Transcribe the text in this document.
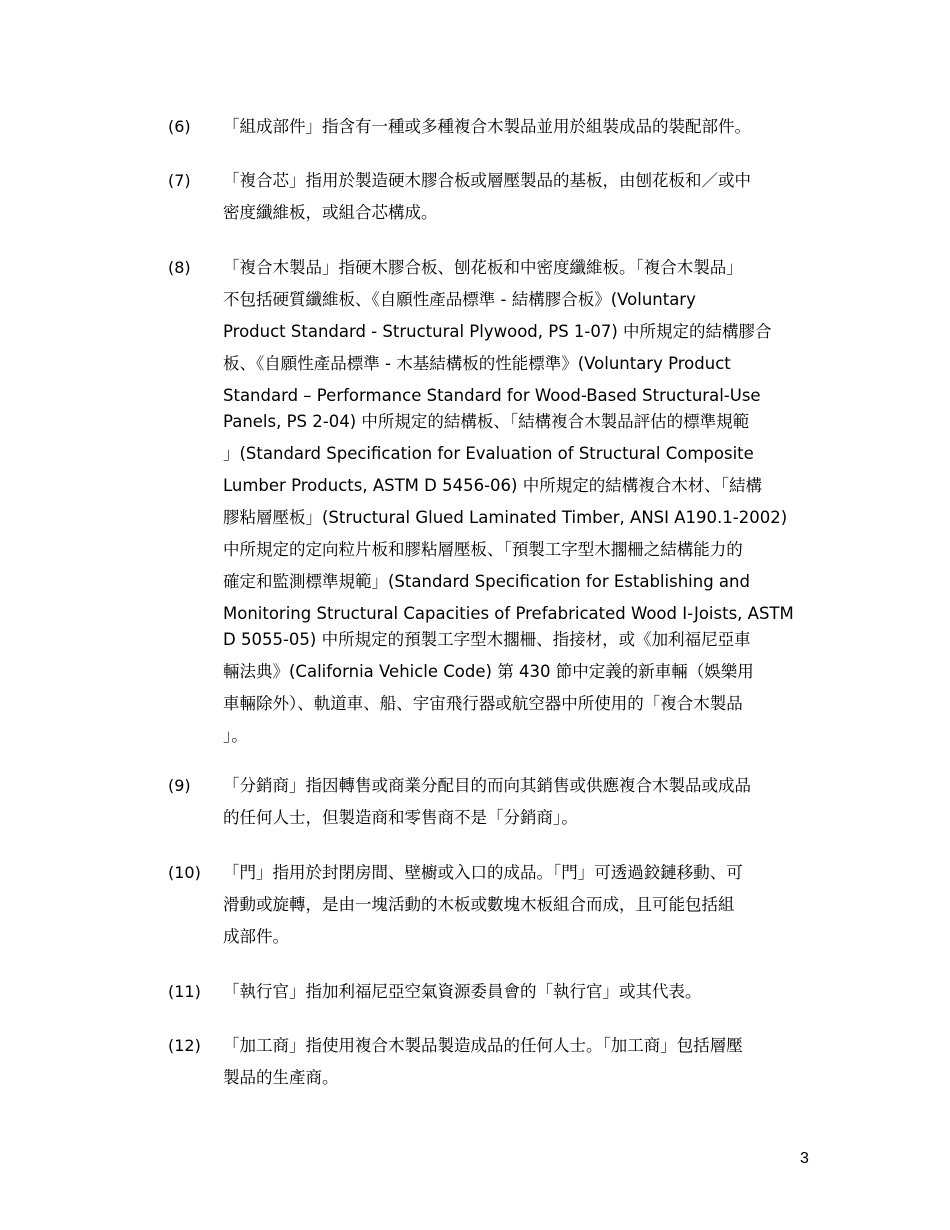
(6) 「組成部件」指含有一種或多種複合木製品並用於組裝成品的裝配部件。
(7) 「複合芯」指用於製造硬木膠合板或層壓製品的基板，由刨花板和／或中
密度纖維板，或組合芯構成。
(8) 「複合木製品」指硬木膠合板、刨花板和中密度纖維板。「複合木製品」
不包括硬質纖維板、《自願性產品標準 - 結構膠合板》(Voluntary
Product Standard - Structural Plywood, PS 1-07) 中所規定的結構膠合
板、《自願性產品標準 - 木基結構板的性能標準》(Voluntary Product
Standard – Performance Standard for Wood-Based Structural-Use
Panels, PS 2-04) 中所規定的結構板、「結構複合木製品評估的標準規範
」(Standard Specification for Evaluation of Structural Composite
Lumber Products, ASTM D 5456-06) 中所規定的結構複合木材、「結構
膠粘層壓板」(Structural Glued Laminated Timber, ANSI A190.1-2002)
中所規定的定向粒片板和膠粘層壓板、「預製工字型木擱柵之結構能力的
確定和監測標準規範」(Standard Specification for Establishing and
Monitoring Structural Capacities of Prefabricated Wood I-Joists, ASTM
D 5055-05) 中所規定的預製工字型木擱柵、指接材，或《加利福尼亞車
輛法典》(California Vehicle Code) 第 430 節中定義的新車輛（娛樂用
車輛除外）、軌道車、船、宇宙飛行器或航空器中所使用的「複合木製品
」。
(9) 「分銷商」指因轉售或商業分配目的而向其銷售或供應複合木製品或成品
的任何人士，但製造商和零售商不是「分銷商」。
(10) 「門」指用於封閉房間、壁櫥或入口的成品。「門」可透過鉸鏈移動、可
滑動或旋轉，是由一塊活動的木板或數塊木板組合而成，且可能包括組
成部件。
(11) 「執行官」指加利福尼亞空氣資源委員會的「執行官」或其代表。
(12) 「加工商」指使用複合木製品製造成品的任何人士。「加工商」包括層壓
製品的生產商。
3
